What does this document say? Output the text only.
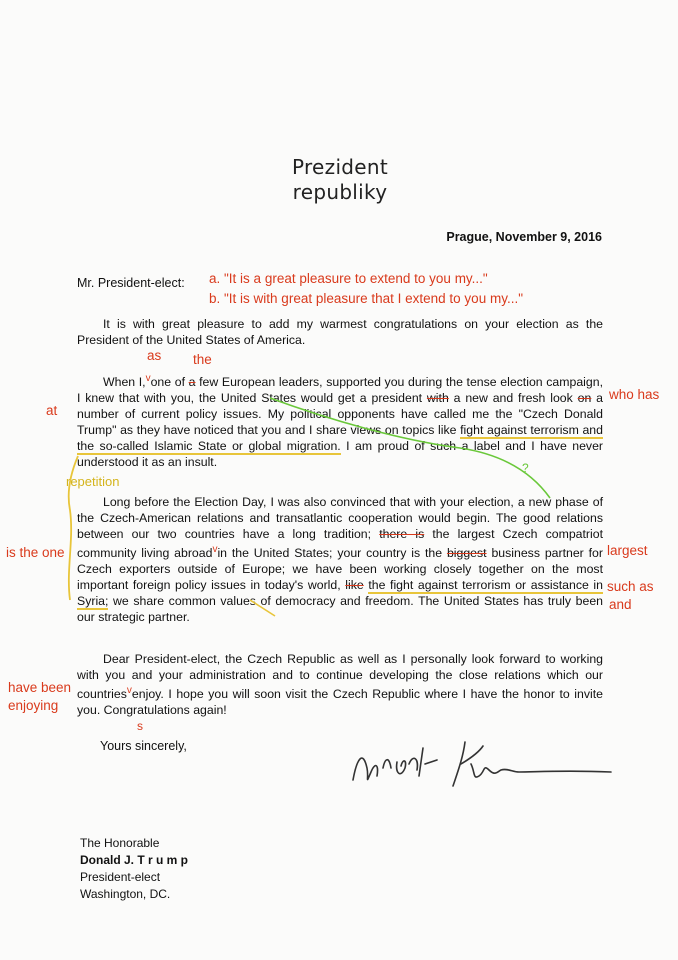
Prezident
republiky
Prague, November 9, 2016
Mr. President-elect: a. "It is a great pleasure to extend to you my..."
b. "It is with great pleasure that I extend to you my..."
It is with great pleasure to add my warmest congratulations on your election as the President of the United States of America.
When I,$^v$one of a few European leaders, supported you during the tense election campaign, I knew that with you, the United States would get a president with a new and fresh look on a number of current policy issues. My political opponents have called me the "Czech Donald Trump" as they have noticed that you and I share views on topics like fight against terrorism and the so-called Islamic State or global migration. I am proud of such a label and I have never understood it as an insult.
Long before the Election Day, I was also convinced that with your election, a new phase of the Czech-American relations and transatlantic cooperation would begin. The good relations between our two countries have a long tradition; there is the largest Czech compatriot community living abroad$^v$in the United States; your country is the biggest business partner for Czech exporters outside of Europe; we have been working closely together on the most important foreign policy issues in today's world, like the fight against terrorism or assistance in Syria; we share common values of democracy and freedom. The United States has truly been our strategic partner.
Dear President-elect, the Czech Republic as well as I personally look forward to working with you and your administration and to continue developing the close relations which our countries$^v$enjoy. I hope you will soon visit the Czech Republic where I have the honor to invite you. Congratulations again!
Yours sincerely,
The Honorable
Donald J. T r u m p
President-elect
Washington, DC.
as the
who has
at
?
repetition
is the one	largest
such as
and
have been
enjoying
s
